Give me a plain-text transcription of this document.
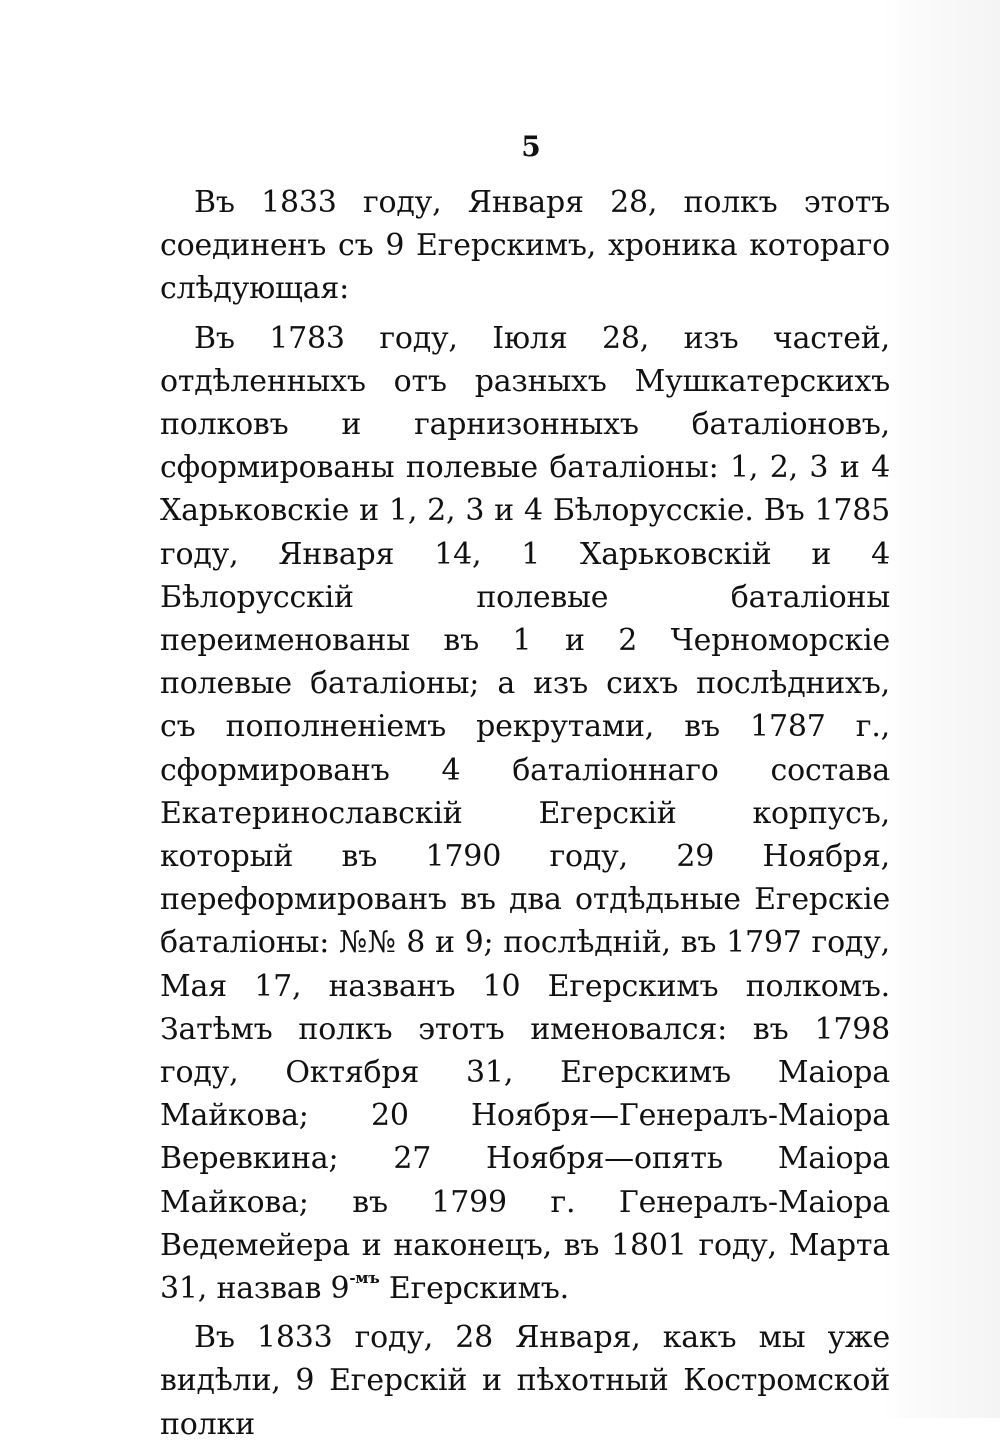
5

Въ 1833 году, Января 28, полкъ этотъ соединенъ съ 9 Егерскимъ, хроника котораго слѣдующая:

Въ 1783 году, Іюля 28, изъ частей, отдѣленныхъ отъ разныхъ Мушкатерскихъ полковъ и гарнизонныхъ баталіоновъ, сформированы полевые баталіоны: 1, 2, 3 и 4 Харьковскіе и 1, 2, 3 и 4 Бѣлорусскіе. Въ 1785 году, Января 14, 1 Харьковскій и 4 Бѣлорусскій полевые баталіоны переименованы въ 1 и 2 Черноморскіе полевые баталіоны; а изъ сихъ послѣднихъ, съ пополненіемъ рекрутами, въ 1787 г., сформированъ 4 баталіоннаго состава Екатеринославскій Егерскій корпусъ, который въ 1790 году, 29 Ноября, переформированъ въ два отдѣдьные Егерскіе баталіоны: №№ 8 и 9; послѣдній, въ 1797 году, Мая 17, названъ 10 Егерскимъ полкомъ. Затѣмъ полкъ этотъ именовался: въ 1798 году, Октября 31, Егерскимъ Маіора Майкова; 20 Ноября—Генералъ-Маіора Веревкина; 27 Ноября—опять Маіора Майкова; въ 1799 г. Генералъ-Маіора Ведемейера и наконецъ, въ 1801 году, Марта 31, назвав $9^{-мъ}$ Егерскимъ.

Въ 1833 году, 28 Января, какъ мы уже видѣли, 9 Егерскій и пѣхотный Костромской полки
